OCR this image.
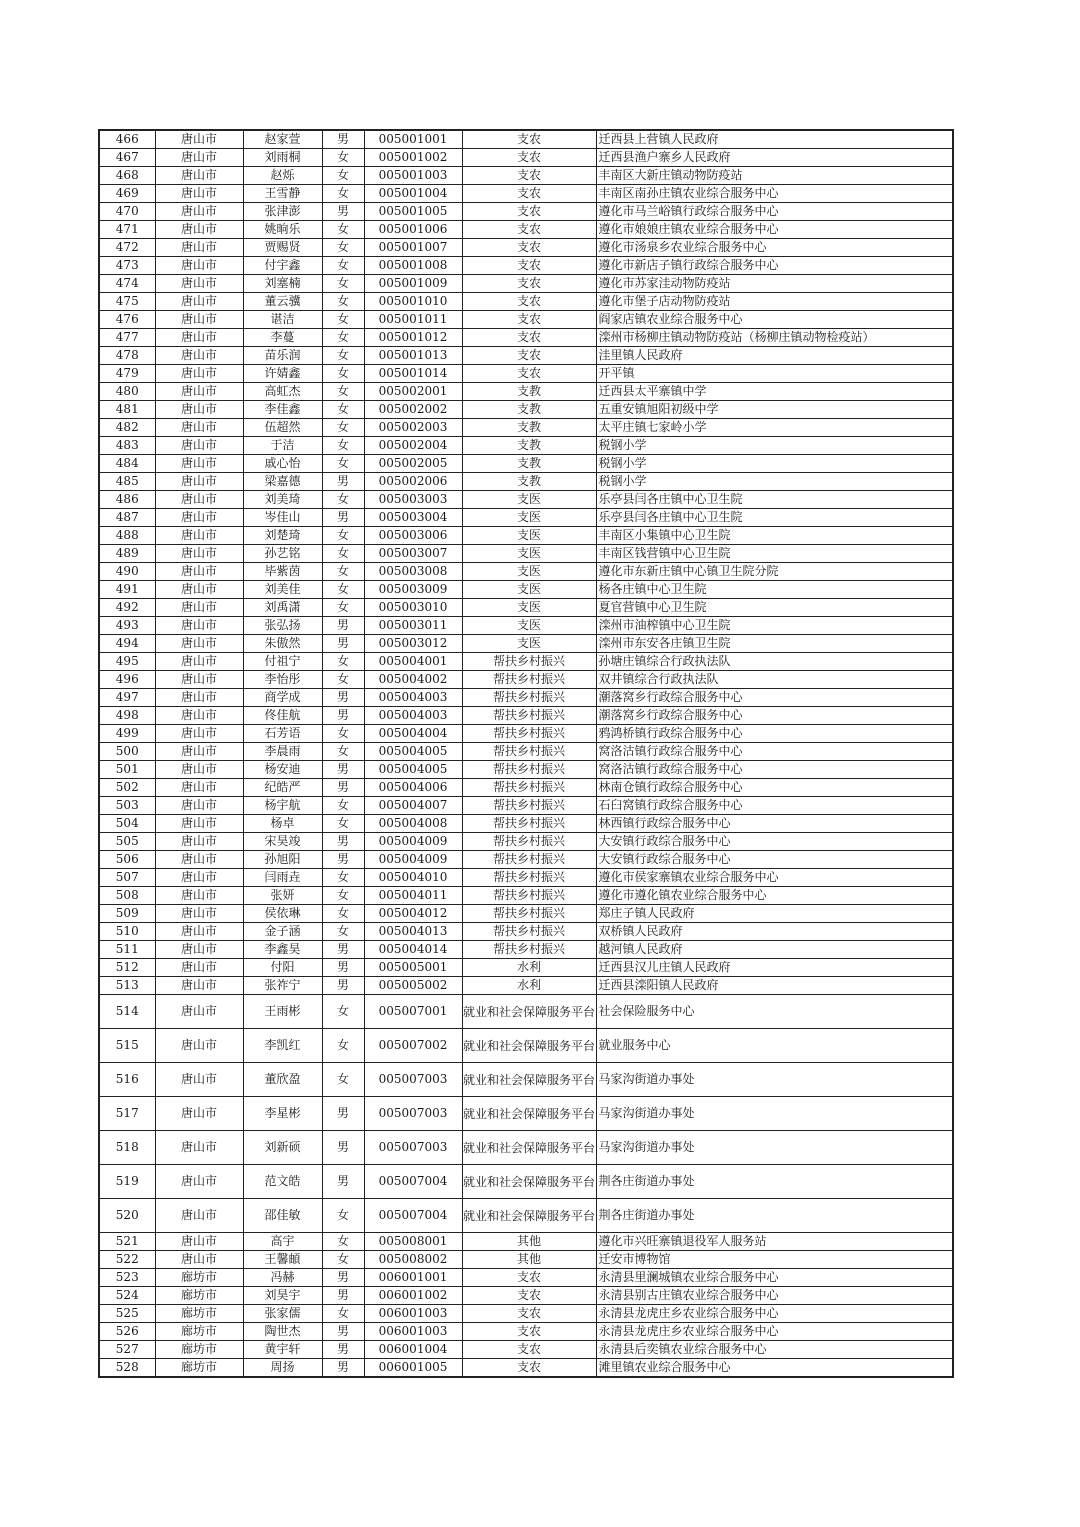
466	唐山市	赵家萱	男	005001001	支农	迁西县上营镇人民政府
467	唐山市	刘雨桐	女	005001002	支农	迁西县渔户寨乡人民政府
468	唐山市	赵烁	女	005001003	支农	丰南区大新庄镇动物防疫站
469	唐山市	王雪静	女	005001004	支农	丰南区南孙庄镇农业综合服务中心
470	唐山市	张津澎	男	005001005	支农	遵化市马兰峪镇行政综合服务中心
471	唐山市	姚晌乐	女	005001006	支农	遵化市娘娘庄镇农业综合服务中心
472	唐山市	贾赐贤	女	005001007	支农	遵化市汤泉乡农业综合服务中心
473	唐山市	付宇鑫	女	005001008	支农	遵化市新店子镇行政综合服务中心
474	唐山市	刘塞楠	女	005001009	支农	遵化市苏家洼动物防疫站
475	唐山市	董云骥	女	005001010	支农	遵化市堡子店动物防疫站
476	唐山市	谌洁	女	005001011	支农	阎家店镇农业综合服务中心
477	唐山市	李蔓	女	005001012	支农	滦州市杨柳庄镇动物防疫站（杨柳庄镇动物检疫站）
478	唐山市	苗乐润	女	005001013	支农	洼里镇人民政府
479	唐山市	许婧鑫	女	005001014	支农	开平镇
480	唐山市	高虹杰	女	005002001	支教	迁西县太平寨镇中学
481	唐山市	李佳鑫	女	005002002	支教	五重安镇旭阳初级中学
482	唐山市	伍超然	女	005002003	支教	太平庄镇七家岭小学
483	唐山市	于洁	女	005002004	支教	税钢小学
484	唐山市	戚心怡	女	005002005	支教	税钢小学
485	唐山市	梁嘉德	男	005002006	支教	税钢小学
486	唐山市	刘美琦	女	005003003	支医	乐亭县闫各庄镇中心卫生院
487	唐山市	岑佳山	男	005003004	支医	乐亭县闫各庄镇中心卫生院
488	唐山市	刘楚琦	女	005003006	支医	丰南区小集镇中心卫生院
489	唐山市	孙艺铭	女	005003007	支医	丰南区钱营镇中心卫生院
490	唐山市	毕紫茵	女	005003008	支医	遵化市东新庄镇中心镇卫生院分院
491	唐山市	刘美佳	女	005003009	支医	杨各庄镇中心卫生院
492	唐山市	刘禹潇	女	005003010	支医	夏官营镇中心卫生院
493	唐山市	张弘扬	男	005003011	支医	滦州市油榨镇中心卫生院
494	唐山市	朱傲然	男	005003012	支医	滦州市东安各庄镇卫生院
495	唐山市	付祖宁	女	005004001	帮扶乡村振兴	孙塘庄镇综合行政执法队
496	唐山市	李怡彤	女	005004002	帮扶乡村振兴	双井镇综合行政执法队
497	唐山市	商学成	男	005004003	帮扶乡村振兴	潮落窝乡行政综合服务中心
498	唐山市	佟佳航	男	005004003	帮扶乡村振兴	潮落窝乡行政综合服务中心
499	唐山市	石芳语	女	005004004	帮扶乡村振兴	鸦鸿桥镇行政综合服务中心
500	唐山市	李晨雨	女	005004005	帮扶乡村振兴	窝洛沽镇行政综合服务中心
501	唐山市	杨安迪	男	005004005	帮扶乡村振兴	窝洛沽镇行政综合服务中心
502	唐山市	纪皓严	男	005004006	帮扶乡村振兴	林南仓镇行政综合服务中心
503	唐山市	杨宇航	女	005004007	帮扶乡村振兴	石臼窝镇行政综合服务中心
504	唐山市	杨卓	女	005004008	帮扶乡村振兴	林西镇行政综合服务中心
505	唐山市	宋昊竣	男	005004009	帮扶乡村振兴	大安镇行政综合服务中心
506	唐山市	孙旭阳	男	005004009	帮扶乡村振兴	大安镇行政综合服务中心
507	唐山市	闫雨垚	女	005004010	帮扶乡村振兴	遵化市侯家寨镇农业综合服务中心
508	唐山市	张妍	女	005004011	帮扶乡村振兴	遵化市遵化镇农业综合服务中心
509	唐山市	侯依琳	女	005004012	帮扶乡村振兴	郑庄子镇人民政府
510	唐山市	金子涵	女	005004013	帮扶乡村振兴	双桥镇人民政府
511	唐山市	李鑫昊	男	005004014	帮扶乡村振兴	越河镇人民政府
512	唐山市	付阳	男	005005001	水利	迁西县汉儿庄镇人民政府
513	唐山市	张祚宁	男	005005002	水利	迁西县滦阳镇人民政府
514	唐山市	王雨彬	女	005007001	就业和社会保障服务平台	社会保险服务中心
515	唐山市	李凯红	女	005007002	就业和社会保障服务平台	就业服务中心
516	唐山市	董欣盈	女	005007003	就业和社会保障服务平台	马家沟街道办事处
517	唐山市	李星彬	男	005007003	就业和社会保障服务平台	马家沟街道办事处
518	唐山市	刘新硕	男	005007003	就业和社会保障服务平台	马家沟街道办事处
519	唐山市	范文皓	男	005007004	就业和社会保障服务平台	荆各庄街道办事处
520	唐山市	邵佳敏	女	005007004	就业和社会保障服务平台	荆各庄街道办事处
521	唐山市	高宇	女	005008001	其他	遵化市兴旺寨镇退役军人服务站
522	唐山市	王馨頔	女	005008002	其他	迁安市博物馆
523	廊坊市	冯赫	男	006001001	支农	永清县里澜城镇农业综合服务中心
524	廊坊市	刘昊宇	男	006001002	支农	永清县别古庄镇农业综合服务中心
525	廊坊市	张家儒	女	006001003	支农	永清县龙虎庄乡农业综合服务中心
526	廊坊市	陶世杰	男	006001003	支农	永清县龙虎庄乡农业综合服务中心
527	廊坊市	黄宇轩	男	006001004	支农	永清县后奕镇农业综合服务中心
528	廊坊市	周扬	男	006001005	支农	滩里镇农业综合服务中心
